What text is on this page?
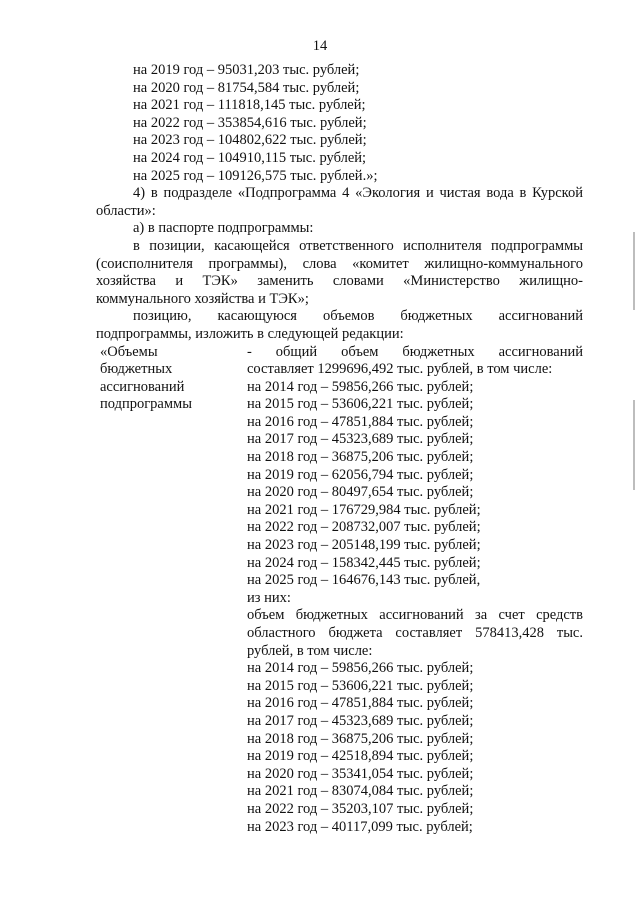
14
на 2019 год – 95031,203 тыс. рублей;
на 2020 год – 81754,584 тыс. рублей;
на 2021 год – 111818,145 тыс. рублей;
на 2022 год – 353854,616 тыс. рублей;
на 2023 год – 104802,622 тыс. рублей;
на 2024 год – 104910,115 тыс. рублей;
на 2025 год – 109126,575 тыс. рублей.»;
4) в подразделе «Подпрограмма 4 «Экология и чистая вода в Курской
области»:
а) в паспорте подпрограммы:
в позиции, касающейся ответственного исполнителя подпрограммы
(соисполнителя программы), слова «комитет жилищно-коммунального
хозяйства и ТЭК» заменить словами «Министерство жилищно-
коммунального хозяйства и ТЭК»;
позицию, касающуюся объемов бюджетных ассигнований
подпрограммы, изложить в следующей редакции:
«Объемы
бюджетных
ассигнований
подпрограммы
- общий объем бюджетных ассигнований
составляет 1299696,492 тыс. рублей, в том числе:
на 2014 год – 59856,266 тыс. рублей;
на 2015 год – 53606,221 тыс. рублей;
на 2016 год – 47851,884 тыс. рублей;
на 2017 год – 45323,689 тыс. рублей;
на 2018 год – 36875,206 тыс. рублей;
на 2019 год – 62056,794 тыс. рублей;
на 2020 год – 80497,654 тыс. рублей;
на 2021 год – 176729,984 тыс. рублей;
на 2022 год – 208732,007 тыс. рублей;
на 2023 год – 205148,199 тыс. рублей;
на 2024 год – 158342,445 тыс. рублей;
на 2025 год – 164676,143 тыс. рублей,
из них:
объем бюджетных ассигнований за счет средств
областного бюджета составляет 578413,428 тыс.
рублей, в том числе:
на 2014 год – 59856,266 тыс. рублей;
на 2015 год – 53606,221 тыс. рублей;
на 2016 год – 47851,884 тыс. рублей;
на 2017 год – 45323,689 тыс. рублей;
на 2018 год – 36875,206 тыс. рублей;
на 2019 год – 42518,894 тыс. рублей;
на 2020 год – 35341,054 тыс. рублей;
на 2021 год – 83074,084 тыс. рублей;
на 2022 год – 35203,107 тыс. рублей;
на 2023 год – 40117,099 тыс. рублей;
